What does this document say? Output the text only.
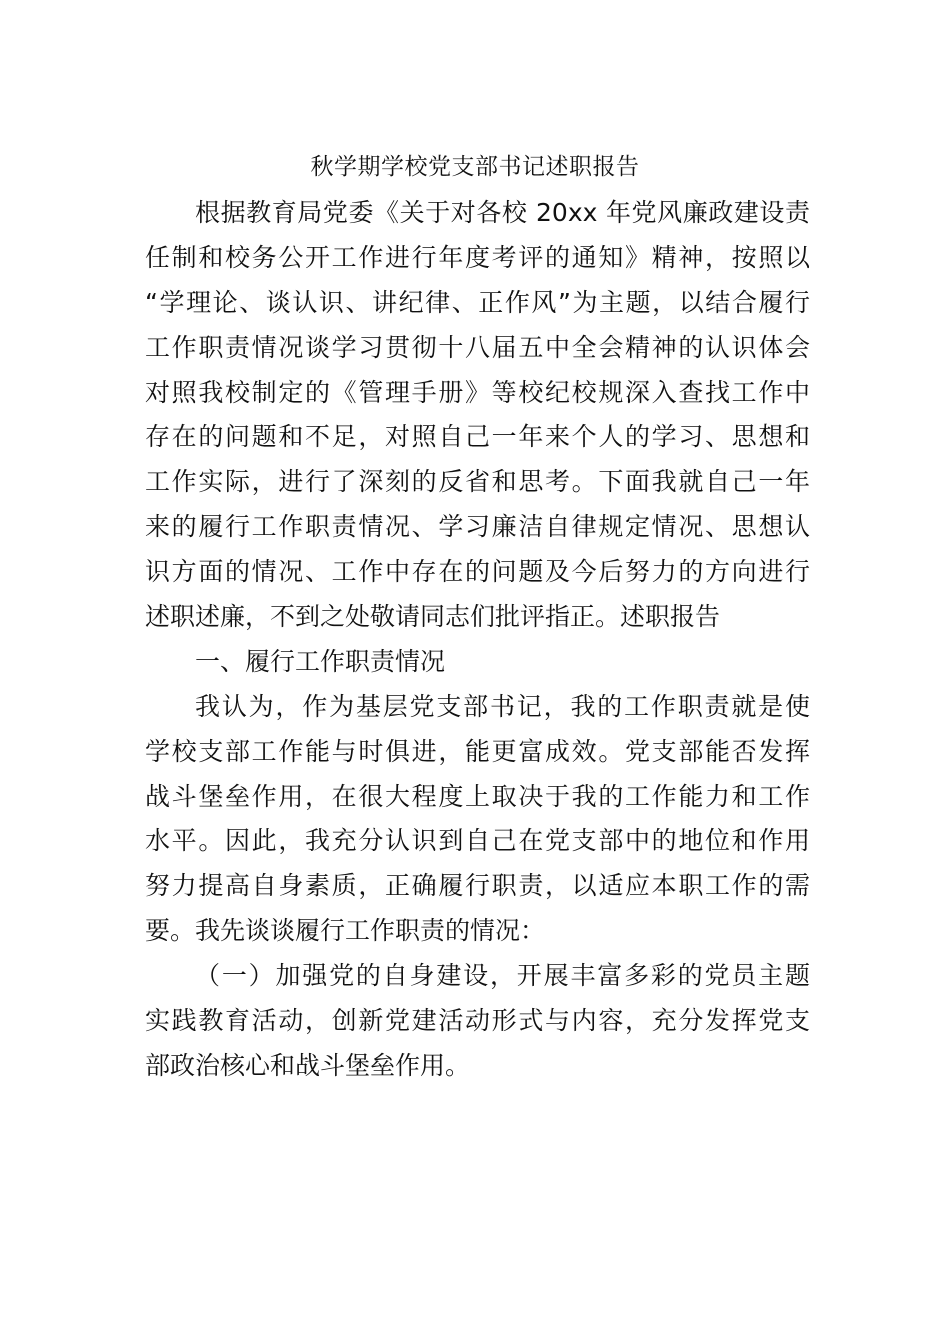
秋学期学校党支部书记述职报告
根据教育局党委《关于对各校 20xx 年党风廉政建设责
任制和校务公开工作进行年度考评的通知》精神，按照以
“学理论、谈认识、讲纪律、正作风”为主题，以结合履行
工作职责情况谈学习贯彻十八届五中全会精神的认识体会
对照我校制定的《管理手册》等校纪校规深入查找工作中
存在的问题和不足，对照自己一年来个人的学习、思想和
工作实际，进行了深刻的反省和思考。下面我就自己一年
来的履行工作职责情况、学习廉洁自律规定情况、思想认
识方面的情况、工作中存在的问题及今后努力的方向进行
述职述廉，不到之处敬请同志们批评指正。述职报告
一、履行工作职责情况
我认为，作为基层党支部书记，我的工作职责就是使
学校支部工作能与时俱进，能更富成效。党支部能否发挥
战斗堡垒作用，在很大程度上取决于我的工作能力和工作
水平。因此，我充分认识到自己在党支部中的地位和作用
努力提高自身素质，正确履行职责，以适应本职工作的需
要。我先谈谈履行工作职责的情况：
（一）加强党的自身建设，开展丰富多彩的党员主题
实践教育活动，创新党建活动形式与内容，充分发挥党支
部政治核心和战斗堡垒作用。
